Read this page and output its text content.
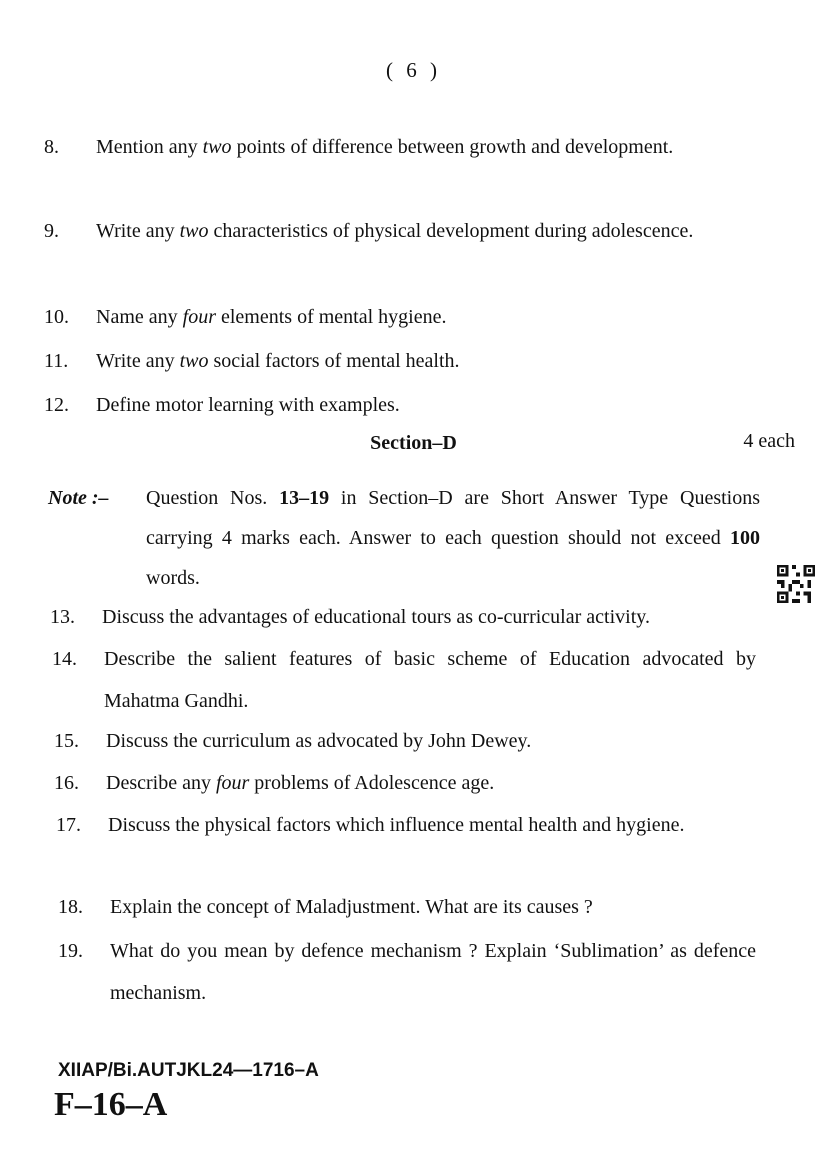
( 6 )
8.	Mention any two points of difference between growth and development.
9.	Write any two characteristics of physical development during adolescence.
10.	Name any four elements of mental hygiene.
11.	Write any two social factors of mental health.
12.	Define motor learning with examples.
Section–D	4 each
Note :– Question Nos. 13–19 in Section–D are Short Answer Type Questions carrying 4 marks each. Answer to each question should not exceed 100 words.
13.	Discuss the advantages of educational tours as co-curricular activity.
14.	Describe the salient features of basic scheme of Education advocated by Mahatma Gandhi.
15.	Discuss the curriculum as advocated by John Dewey.
16.	Describe any four problems of Adolescence age.
17.	Discuss the physical factors which influence mental health and hygiene.
18.	Explain the concept of Maladjustment. What are its causes ?
19.	What do you mean by defence mechanism ? Explain ‘Sublimation’ as defence mechanism.
XIIAP/Bi.AUTJKL24—1716–A
F–16–A
